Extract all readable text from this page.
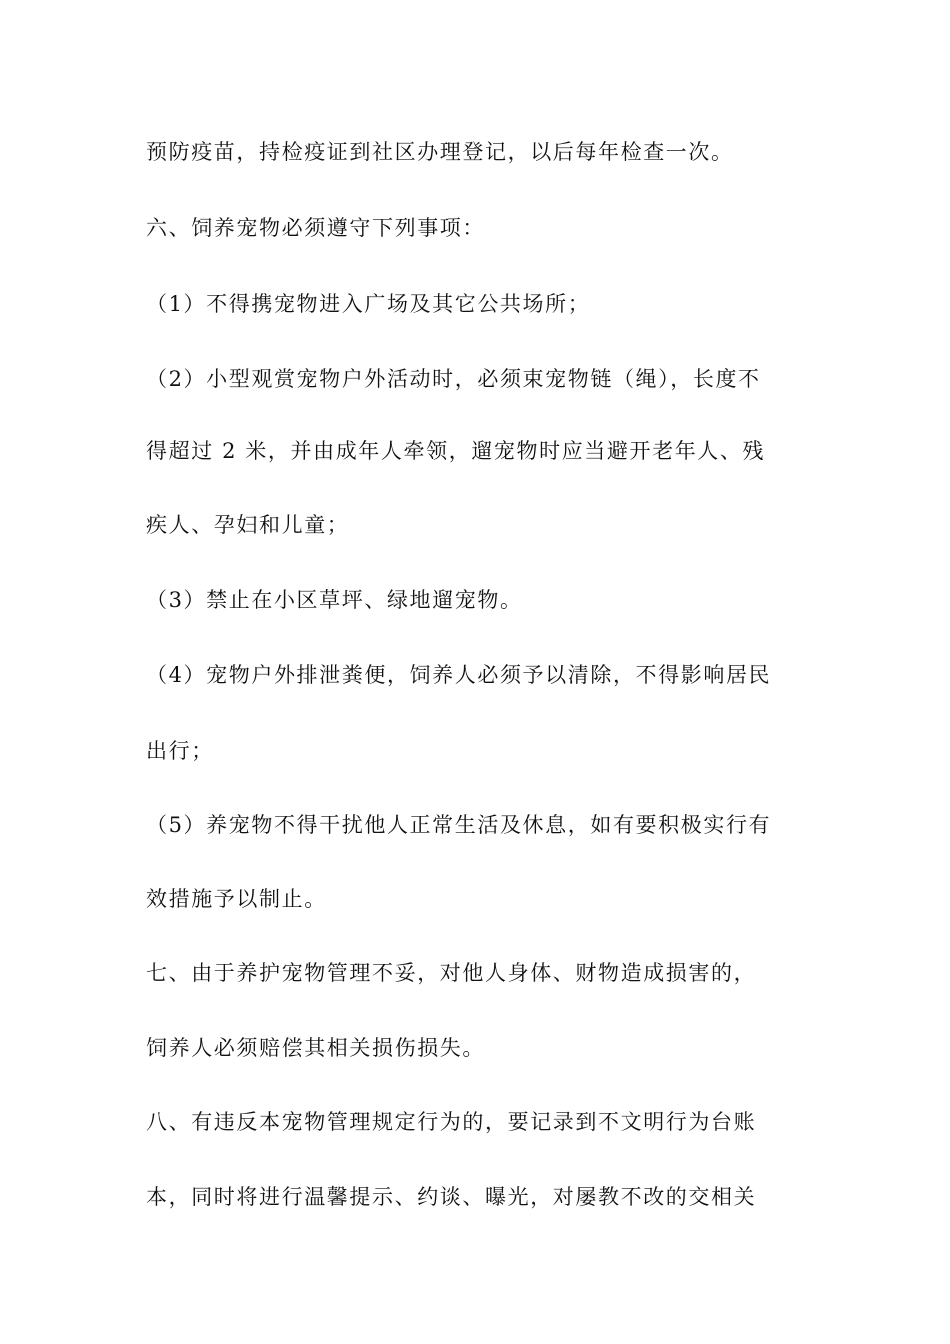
预防疫苗，持检疫证到社区办理登记，以后每年检查一次。
六、饲养宠物必须遵守下列事项：
（1）不得携宠物进入广场及其它公共场所；
（2）小型观赏宠物户外活动时，必须束宠物链（绳），长度不
得超过 2 米，并由成年人牵领，遛宠物时应当避开老年人、残
疾人、孕妇和儿童；
（3）禁止在小区草坪、绿地遛宠物。
（4）宠物户外排泄粪便，饲养人必须予以清除，不得影响居民
出行；
（5）养宠物不得干扰他人正常生活及休息，如有要积极实行有
效措施予以制止。
七、由于养护宠物管理不妥，对他人身体、财物造成损害的，
饲养人必须赔偿其相关损伤损失。
八、有违反本宠物管理规定行为的，要记录到不文明行为台账
本，同时将进行温馨提示、约谈、曝光，对屡教不改的交相关
